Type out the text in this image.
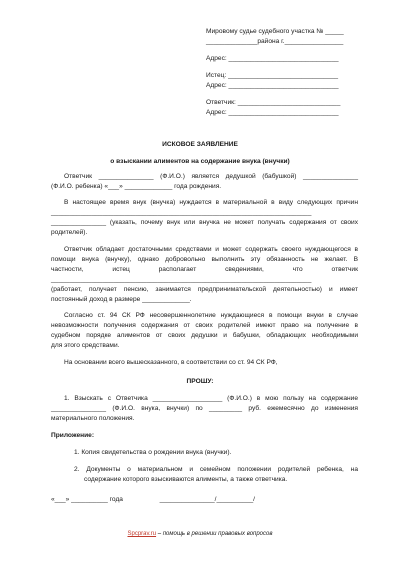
Мировому судье судебного участка № _____
______________района г.________________
Адрес: ______________________________
Истец: ______________________________
Адрес: ______________________________
Ответчик: ____________________________
Адрес: ______________________________
ИСКОВОЕ ЗАЯВЛЕНИЕ
о взыскании алиментов на содержание внука (внучки)
Ответчик _______________ (Ф.И.О.) является дедушкой (бабушкой) _______________
(Ф.И.О. ребенка) «___» _____________ года рождения.
В настоящее время внук (внучка) нуждается в материальной в виду следующих причин
_______________________________________________________________________
_______________ (указать, почему внук или внучка не может получать содержания от своих
родителей).
Ответчик обладает достаточными средствами и может содержать своего нуждающегося в
помощи внука (внучку), однако добровольно выполнить эту обязанность не желает. В
частности, истец располагает сведениями, что ответчик
_______________________________________________________________________
(работает, получает пенсию, занимается предпринимательской деятельностью) и имеет
постоянный доход в размере _____________.
Согласно ст. 94 СК РФ несовершеннолетние нуждающиеся в помощи внуки в случае
невозможности получения содержания от своих родителей имеют право на получение в
судебном порядке алиментов от своих дедушки и бабушки, обладающих необходимыми
для этого средствами.
На основании всего вышесказанного, в соответствии со ст. 94 СК РФ,
ПРОШУ:
1. Взыскать с Ответчика ___________________ (Ф.И.О.) в мою пользу на содержание
_______________ (Ф.И.О. внука, внучки) по _________ руб. ежемесячно до изменения
материального положения.
Приложение:
1. Копия свидетельства о рождении внука (внучки).
2. Документы о материальном и семейном положении родителей ребенка, на
содержание которого взыскиваются алименты, а также ответчика.
«___» __________ года                    _______________/__________/
Spcprav.ru – помощь в решении правовых вопросов
